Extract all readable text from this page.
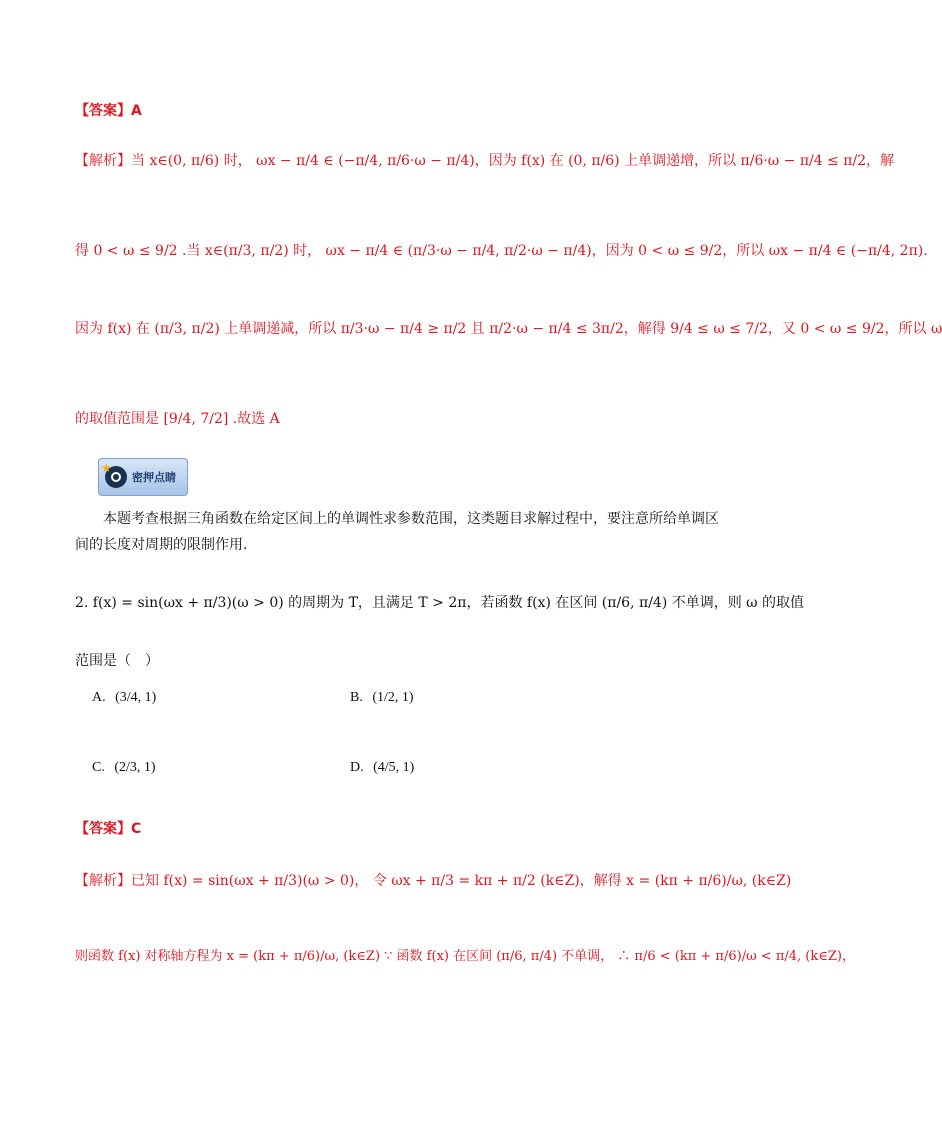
【答案】A
【解析】 当 x∈(0, π/6) 时， ωx − π/4 ∈ (−π/4, π/6·ω − π/4)，因为 f(x) 在 (0, π/6) 上单调递增，所以 π/6·ω − π/4 ≤ π/2，解
得 0 < ω ≤ 9/2 .当 x∈(π/3, π/2) 时， ωx − π/4 ∈ (π/3·ω − π/4, π/2·ω − π/4)，因为 0 < ω ≤ 9/2，所以 ωx − π/4 ∈ (−π/4, 2π).
因为 f(x) 在 (π/3, π/2) 上单调递减，所以 π/3·ω − π/4 ≥ π/2 且 π/2·ω − π/4 ≤ 3π/2，解得 9/4 ≤ ω ≤ 7/2，又 0 < ω ≤ 9/2，所以 ω
的取值范围是 [9/4, 7/2] .故选 A
★
密押点睛
本题考查根据三角函数在给定区间上的单调性求参数范围，这类题目求解过程中，要注意所给单调区间的长度对周期的限制作用.
2. f(x) = sin(ωx + π/3)(ω > 0) 的周期为 T，且满足 T > 2π，若函数 f(x) 在区间 (π/6, π/4) 不单调，则 ω 的取值
范围是（　）
A. (3/4, 1)	B. (1/2, 1)
C. (2/3, 1)	D. (4/5, 1)
【答案】C
【解析】 已知 f(x) = sin(ωx + π/3)(ω > 0)， 令 ωx + π/3 = kπ + π/2 (k∈Z)，解得 x = (kπ + π/6)/ω, (k∈Z)
则函数 f(x) 对称轴方程为 x = (kπ + π/6)/ω, (k∈Z) ∵ 函数 f(x) 在区间 (π/6, π/4) 不单调， ∴ π/6 < (kπ + π/6)/ω < π/4, (k∈Z)，
